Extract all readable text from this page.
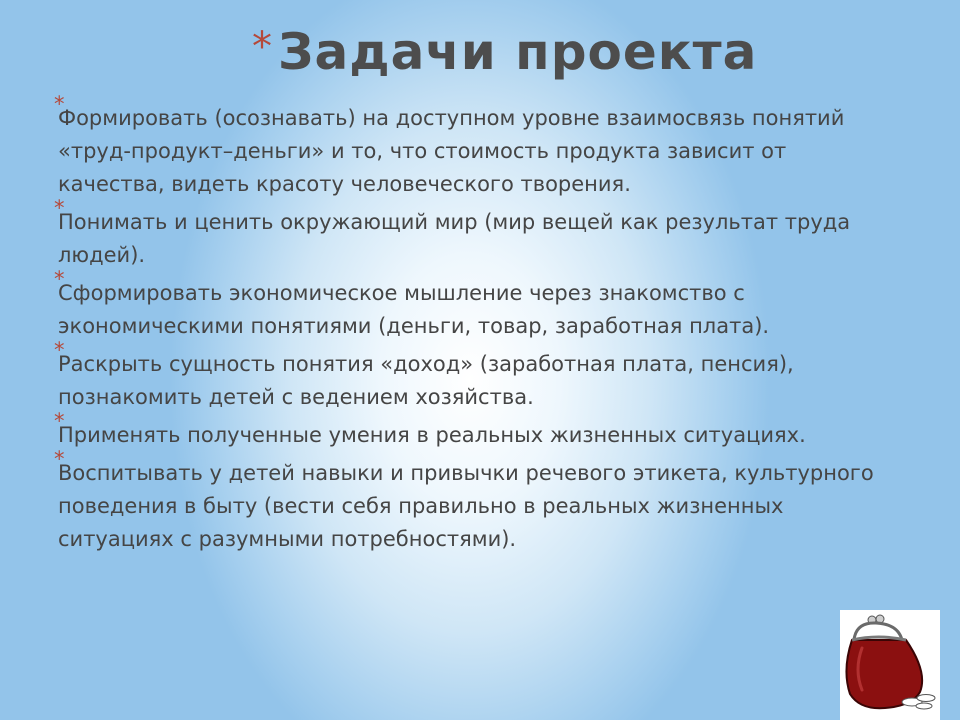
* Задачи проекта
*
Формировать (осознавать) на доступном уровне взаимосвязь понятий «труд-продукт–деньги» и то, что стоимость продукта зависит от качества, видеть красоту человеческого творения.
*
Понимать и ценить окружающий мир (мир вещей как результат труда людей).
*
Сформировать экономическое мышление через знакомство с экономическими понятиями (деньги, товар, заработная плата).
*
Раскрыть сущность понятия «доход» (заработная плата, пенсия), познакомить детей с ведением хозяйства.
*
Применять полученные умения в реальных жизненных ситуациях.
*
Воспитывать у детей навыки и привычки речевого этикета, культурного поведения в быту (вести себя правильно в реальных жизненных ситуациях с разумными потребностями).
